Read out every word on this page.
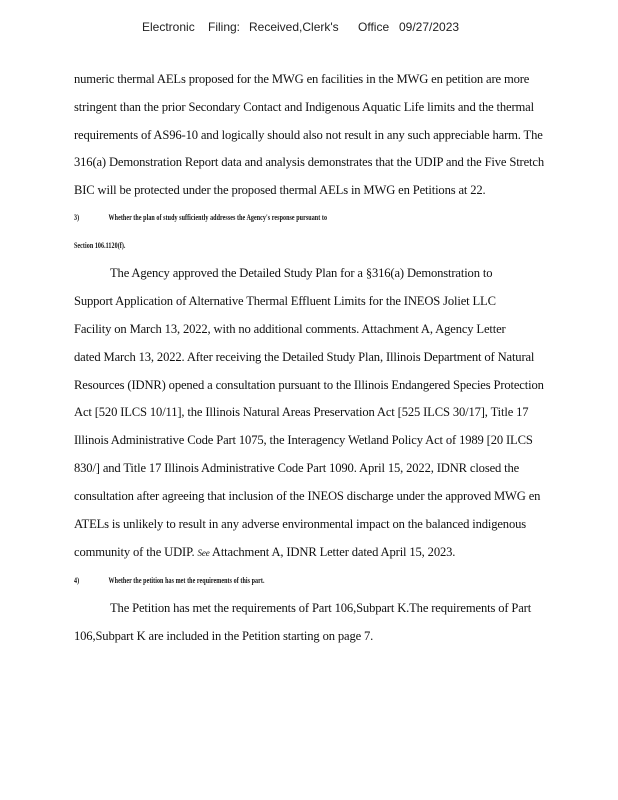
Electronic Filing: Received,Clerk's Office 09/27/2023
numeric thermal AELs proposed for the MWG en facilities in the MWG en petition are more
stringent than the prior Secondary Contact and Indigenous Aquatic Life limits and the thermal
requirements of AS96-10 and logically should also not result in any such appreciable harm. The
316(a) Demonstration Report data and analysis demonstrates that the UDIP and the Five Stretch
BIC will be protected under the proposed thermal AELs in MWG en Petitions at 22.
3)	Whether the plan of study sufficiently addresses the Agency's response pursuant to
Section 106.1120(f).
The Agency approved the Detailed Study Plan for a §316(a) Demonstration to
Support Application of Alternative Thermal Effluent Limits for the INEOS Joliet LLC
Facility on March 13, 2022, with no additional comments. Attachment A, Agency Letter
dated March 13, 2022. After receiving the Detailed Study Plan, Illinois Department of Natural
Resources (IDNR) opened a consultation pursuant to the Illinois Endangered Species Protection
Act [520 ILCS 10/11], the Illinois Natural Areas Preservation Act [525 ILCS 30/17], Title 17
Illinois Administrative Code Part 1075, the Interagency Wetland Policy Act of 1989 [20 ILCS
830/] and Title 17 Illinois Administrative Code Part 1090. April 15, 2022, IDNR closed the
consultation after agreeing that inclusion of the INEOS discharge under the approved MWG en
ATELs is unlikely to result in any adverse environmental impact on the balanced indigenous
community of the UDIP. See Attachment A, IDNR Letter dated April 15, 2023.
4)	Whether the petition has met the requirements of this part.
The Petition has met the requirements of Part 106,Subpart K.The requirements of Part
106,Subpart K are included in the Petition starting on page 7.
